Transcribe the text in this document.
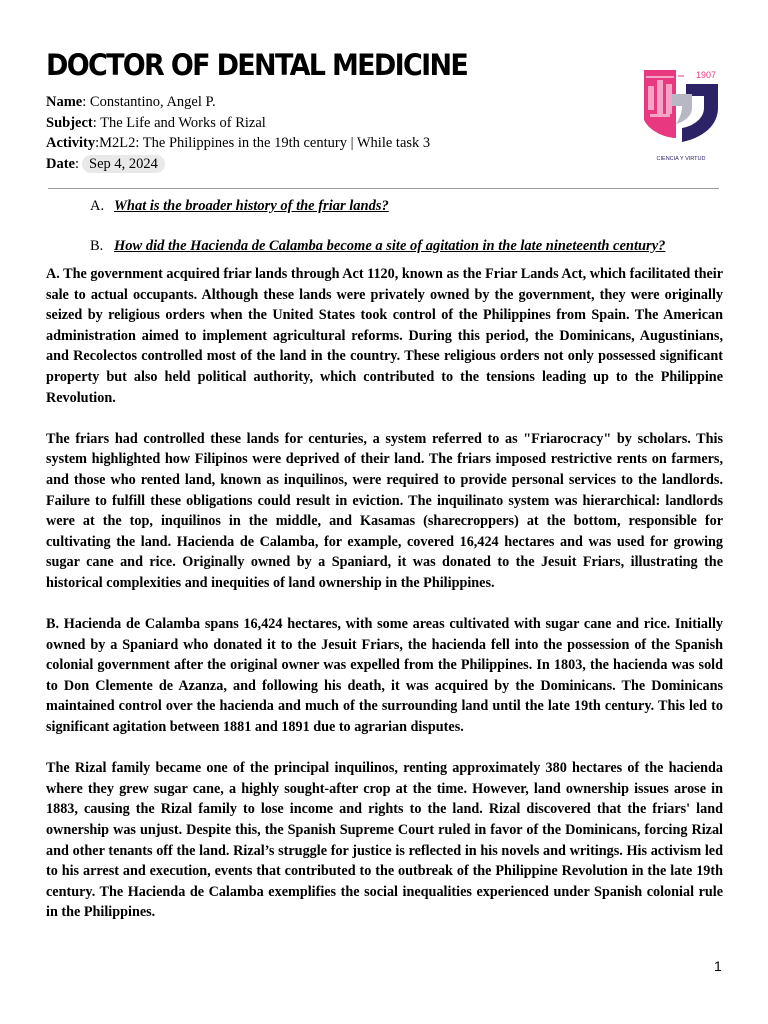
DOCTOR OF DENTAL MEDICINE
Name: Constantino, Angel P.
Subject: The Life and Works of Rizal
Activity:M2L2: The Philippines in the 19th century | While task 3
Date: Sep 4, 2024
1907
CIENCIA Y VIRTUD
A. What is the broader history of the friar lands?
B. How did the Hacienda de Calamba become a site of agitation in the late nineteenth century?

A. The government acquired friar lands through Act 1120, known as the Friar Lands Act, which facilitated their sale to actual occupants. Although these lands were privately owned by the government, they were originally seized by religious orders when the United States took control of the Philippines from Spain. The American administration aimed to implement agricultural reforms. During this period, the Dominicans, Augustinians, and Recolectos controlled most of the land in the country. These religious orders not only possessed significant property but also held political authority, which contributed to the tensions leading up to the Philippine Revolution.

The friars had controlled these lands for centuries, a system referred to as "Friarocracy" by scholars. This system highlighted how Filipinos were deprived of their land. The friars imposed restrictive rents on farmers, and those who rented land, known as inquilinos, were required to provide personal services to the landlords. Failure to fulfill these obligations could result in eviction. The inquilinato system was hierarchical: landlords were at the top, inquilinos in the middle, and Kasamas (sharecroppers) at the bottom, responsible for cultivating the land. Hacienda de Calamba, for example, covered 16,424 hectares and was used for growing sugar cane and rice. Originally owned by a Spaniard, it was donated to the Jesuit Friars, illustrating the historical complexities and inequities of land ownership in the Philippines.

B. Hacienda de Calamba spans 16,424 hectares, with some areas cultivated with sugar cane and rice. Initially owned by a Spaniard who donated it to the Jesuit Friars, the hacienda fell into the possession of the Spanish colonial government after the original owner was expelled from the Philippines. In 1803, the hacienda was sold to Don Clemente de Azanza, and following his death, it was acquired by the Dominicans. The Dominicans maintained control over the hacienda and much of the surrounding land until the late 19th century. This led to significant agitation between 1881 and 1891 due to agrarian disputes.

The Rizal family became one of the principal inquilinos, renting approximately 380 hectares of the hacienda where they grew sugar cane, a highly sought-after crop at the time. However, land ownership issues arose in 1883, causing the Rizal family to lose income and rights to the land. Rizal discovered that the friars' land ownership was unjust. Despite this, the Spanish Supreme Court ruled in favor of the Dominicans, forcing Rizal and other tenants off the land. Rizal’s struggle for justice is reflected in his novels and writings. His activism led to his arrest and execution, events that contributed to the outbreak of the Philippine Revolution in the late 19th century. The Hacienda de Calamba exemplifies the social inequalities experienced under Spanish colonial rule in the Philippines.

1
